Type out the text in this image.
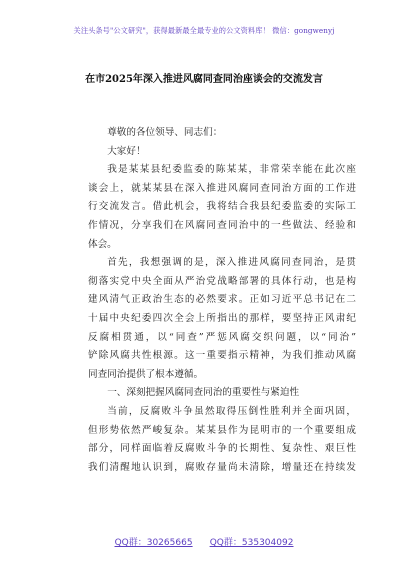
关注头条号"公文研究"，获得最新最全最专业的公文资料库！ 微信：gongwenyj
在市2025年深入推进风腐同查同治座谈会的交流发言
尊敬的各位领导、同志们：
大家好！
我是某某县纪委监委的陈某某，非常荣幸能在此次座
谈会上，就某某县在深入推进风腐同查同治方面的工作进
行交流发言。借此机会，我将结合我县纪委监委的实际工
作情况，分享我们在风腐同查同治中的一些做法、经验和
体会。
首先，我想强调的是，深入推进风腐同查同治，是贯
彻落实党中央全面从严治党战略部署的具体行动，也是构
建风清气正政治生态的必然要求。正如习近平总书记在二
十届中央纪委四次全会上所指出的那样，要坚持正风肃纪
反腐相贯通，以“同查”严惩风腐交织问题，以“同治”
铲除风腐共性根源。这一重要指示精神，为我们推动风腐
同查同治提供了根本遵循。
一、深刻把握风腐同查同治的重要性与紧迫性
当前，反腐败斗争虽然取得压倒性胜利并全面巩固，
但形势依然严峻复杂。某某县作为昆明市的一个重要组成
部分，同样面临着反腐败斗争的长期性、复杂性、艰巨性
我们清醒地认识到，腐败存量尚未清除，增量还在持续发
QQ群：30265665 QQ群：535304092
